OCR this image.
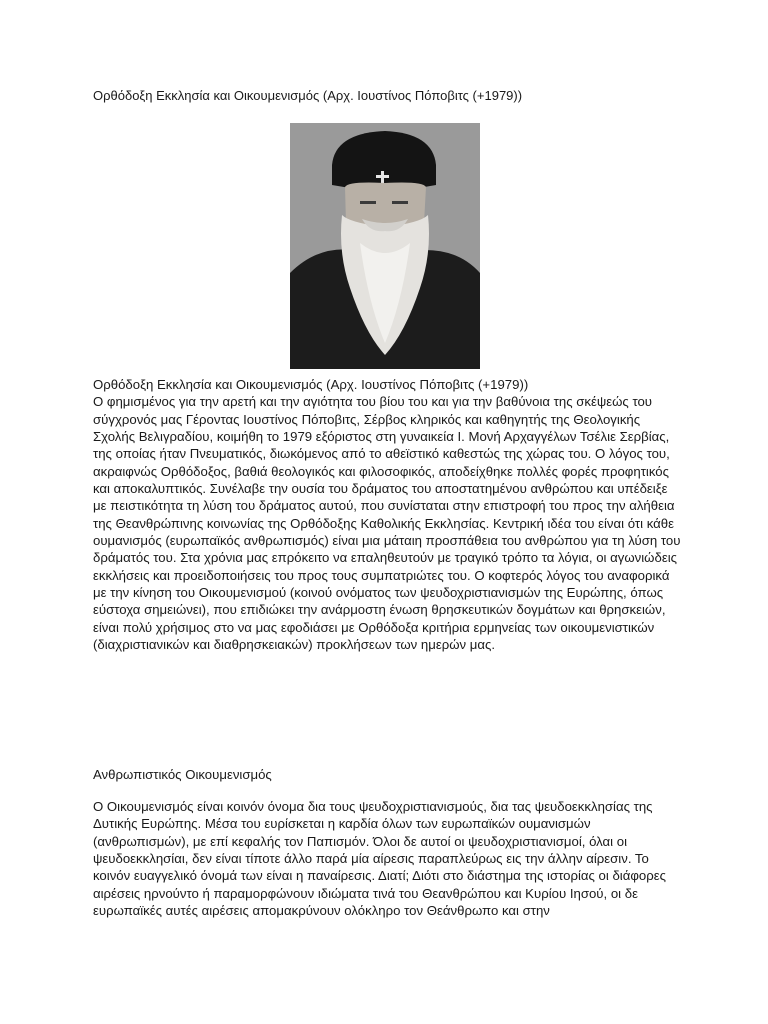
Ορθόδοξη Εκκλησία και Οικουμενισμός (Αρχ. Ιουστίνος Πόποβιτς (+1979))

Ορθόδοξη Εκκλησία και Οικουμενισμός (Αρχ. Ιουστίνος Πόποβιτς (+1979))

Ο φημισμένος για την αρετή και την αγιότητα του βίου του και για την βαθύνοια της σκέψεώς του σύγχρονός μας Γέροντας Ιουστίνος Πόποβιτς, Σέρβος κληρικός και καθηγητής της Θεολογικής Σχολής Βελιγραδίου, κοιμήθη το 1979 εξόριστος στη γυναικεία Ι. Μονή Αρχαγγέλων Τσέλιε Σερβίας, της οποίας ήταν Πνευματικός, διωκόμενος από το αθεϊστικό καθεστώς της χώρας του. Ο λόγος του, ακραιφνώς Ορθόδοξος, βαθιά θεολογικός και φιλοσοφικός, αποδείχθηκε πολλές φορές προφητικός και αποκαλυπτικός. Συνέλαβε την ουσία του δράματος του αποστατημένου ανθρώπου και υπέδειξε με πειστικότητα τη λύση του δράματος αυτού, που συνίσταται στην επιστροφή του προς την αλήθεια της Θεανθρώπινης κοινωνίας της Ορθόδοξης Καθολικής Εκκλησίας. Κεντρική ιδέα του είναι ότι κάθε ουμανισμός (ευρωπαϊκός ανθρωπισμός) είναι μια μάταιη προσπάθεια του ανθρώπου για τη λύση του δράματός του. Στα χρόνια μας επρόκειτο να επαληθευτούν με τραγικό τρόπο τα λόγια, οι αγωνιώδεις εκκλήσεις και προειδοποιήσεις του προς τους συμπατριώτες του. Ο κοφτερός λόγος του αναφορικά με την κίνηση του Οικουμενισμού (κοινού ονόματος των ψευδοχριστιανισμών της Ευρώπης, όπως εύστοχα σημειώνει), που επιδιώκει την ανάρμοστη ένωση θρησκευτικών δογμάτων και θρησκειών, είναι πολύ χρήσιμος στο να μας εφοδιάσει με Ορθόδοξα κριτήρια ερμηνείας των οικουμενιστικών (διαχριστιανικών και διαθρησκειακών) προκλήσεων των ημερών μας.

Ανθρωπιστικός Οικουμενισμός
Ο Οικουμενισμός είναι κοινόν όνομα δια τους ψευδοχριστιανισμούς, δια τας ψευδοεκκλησίας της Δυτικής Ευρώπης. Μέσα του ευρίσκεται η καρδία όλων των ευρωπαϊκών ουμανισμών (ανθρωπισμών), με επί κεφαλής τον Παπισμόν. Όλοι δε αυτοί οι ψευδοχριστιανισμοί, όλαι οι ψευδοεκκλησίαι, δεν είναι τίποτε άλλο παρά μία αίρεσις παραπλεύρως εις την άλλην αίρεσιν. Το κοινόν ευαγγελικό όνομά των είναι η παναίρεσις. Διατί; Διότι στο διάστημα της ιστορίας οι διάφορες αιρέσεις ηρνούντο ή παραμορφώνουν ιδιώματα τινά του Θεανθρώπου και Κυρίου Ιησού, οι δε ευρωπαϊκές αυτές αιρέσεις απομακρύνουν ολόκληρο τον Θεάνθρωπο και στην
